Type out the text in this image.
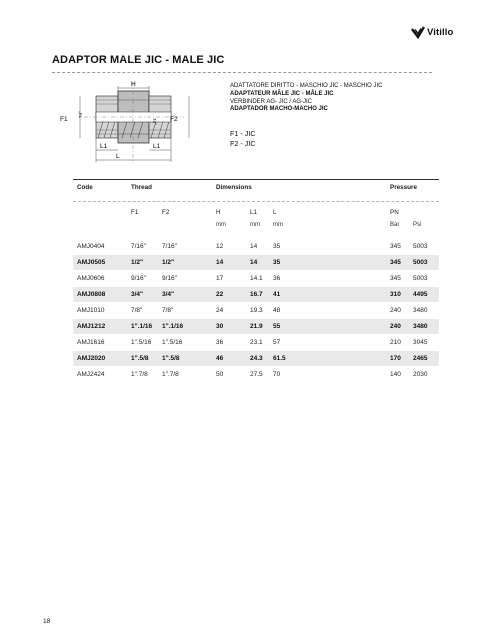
Vitillo
ADAPTOR MALE JIC - MALE JIC
H
F1
74°
F2
74°
L1	L1
L
ADATTATORE DIRITTO - MASCHIO JIC - MASCHIO JIC
ADAPTATEUR MÂLE JIC - MÂLE JIC
VERBINDER AG- JIC / AG-JIC
ADAPTADOR MACHO-MACHO JIC
F1 - JIC
F2 - JIC
Code	Thread	Dimensions	Pressure
F1	F2	H	L1	L	PN
mm	mm mm	Bar Psi
AMJ0404	7/16" 7/16"	12	14 35	345 5003
AMJ0505	1/2"	1/2"	14	14 35	345 5003
AMJ0606	9/16" 9/16"	17	14.1 36	345 5003
AMJ0808	3/4"	3/4"	22	16.7 41	310 4495
AMJ1010	7/8"	7/8"	24	19.3 48	240 3480
AMJ1212	1".1/16 1".1/16	30	21.9 55	240 3480
AMJ1616	1".5/16 1".5/16	36	23.1 57	210 3045
AMJ2020	1".5/8 1".5/8	46	24.3 61.5	170 2465
AMJ2424	1".7/8 1".7/8	50	27.5 70	140 2030
18
